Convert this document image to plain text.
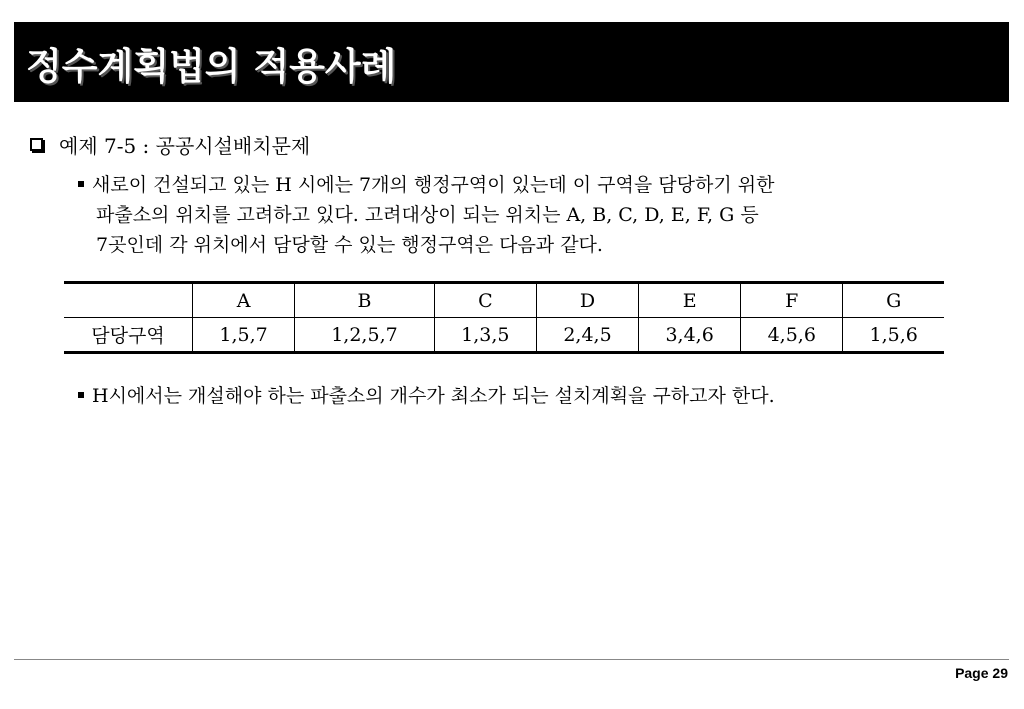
정수계획법의 적용사례
예제 7-5 : 공공시설배치문제
새로이 건설되고 있는 H 시에는 7개의 행정구역이 있는데 이 구역을 담당하기 위한
파출소의 위치를 고려하고 있다. 고려대상이 되는 위치는 A, B, C, D, E, F, G 등
7곳인데 각 위치에서 담당할 수 있는 행정구역은 다음과 같다.
	A	B	C	D	E	F	G
담당구역	1,5,7	1,2,5,7	1,3,5	2,4,5	3,4,6	4,5,6	1,5,6
H시에서는 개설해야 하는 파출소의 개수가 최소가 되는 설치계획을 구하고자 한다.
Page 29
